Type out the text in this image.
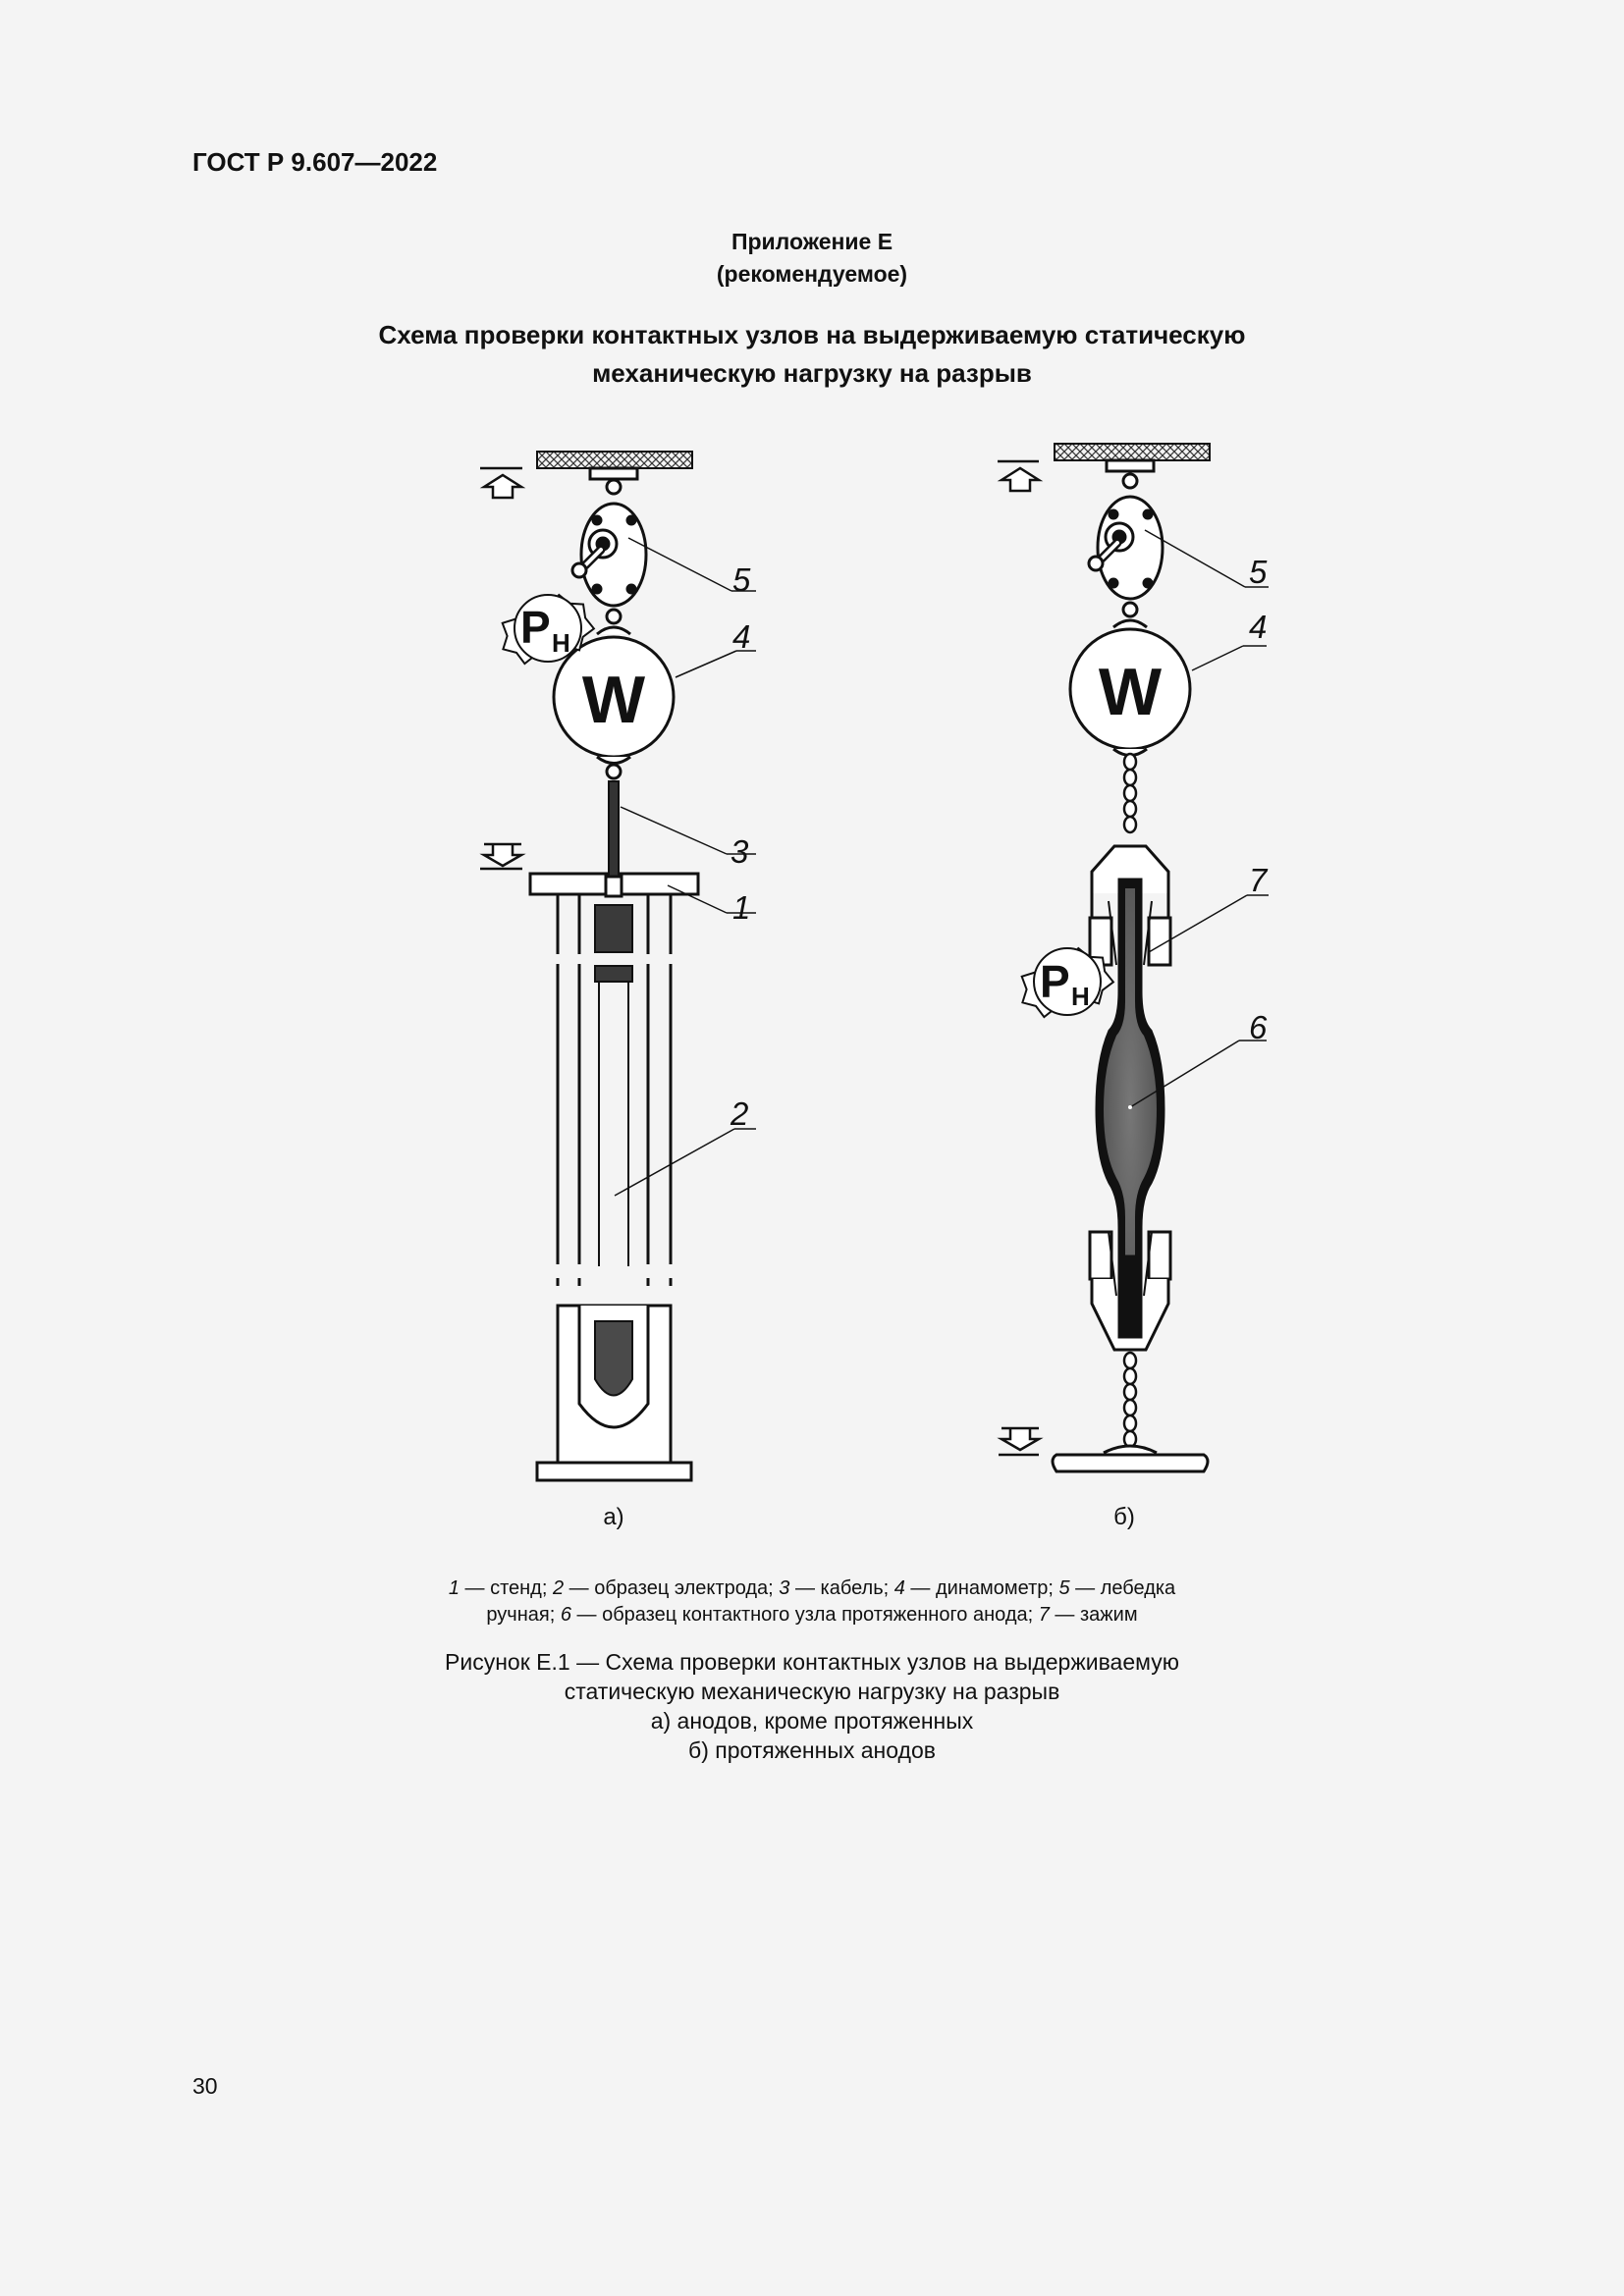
ГОСТ Р 9.607—2022
Приложение Е
(рекомендуемое)
Схема проверки контактных узлов на выдерживаемую статическую
механическую нагрузку на разрыв
W	W
P Н
P Н
5
4
3
1
2
5
4
7
6
а)	б)
1 — стенд; 2 — образец электрода; 3 — кабель; 4 — динамометр; 5 — лебедка
ручная; 6 — образец контактного узла протяженного анода; 7 — зажим
Рисунок Е.1 — Схема проверки контактных узлов на выдерживаемую
статическую механическую нагрузку на разрыв
а) анодов, кроме протяженных
б) протяженных анодов
30
